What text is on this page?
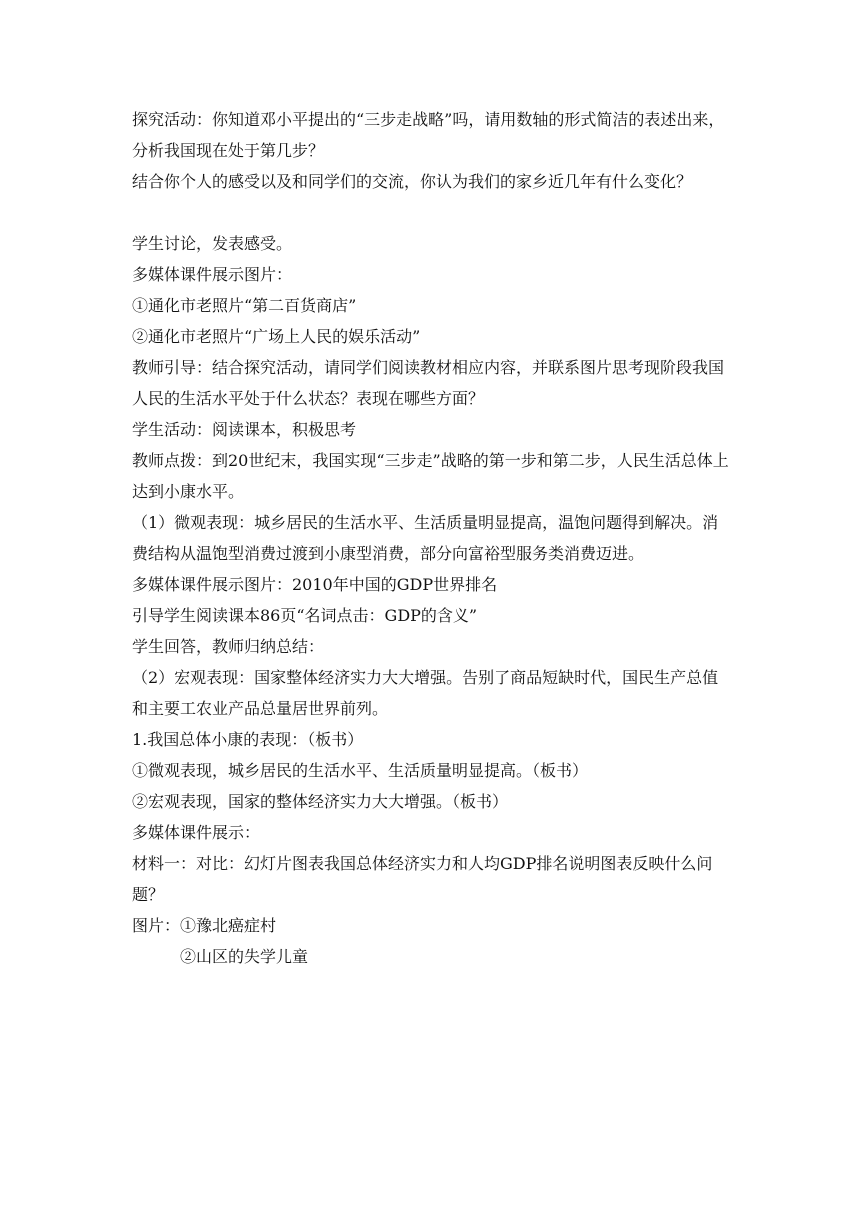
探究活动：你知道邓小平提出的“三步走战略”吗，请用数轴的形式简洁的表述出来，分析我国现在处于第几步？

结合你个人的感受以及和同学们的交流，你认为我们的家乡近几年有什么变化？

学生讨论，发表感受。

多媒体课件展示图片：

①通化市老照片“第二百货商店”

②通化市老照片“广场上人民的娱乐活动”

教师引导：结合探究活动，请同学们阅读教材相应内容，并联系图片思考现阶段我国人民的生活水平处于什么状态？表现在哪些方面？

学生活动：阅读课本，积极思考

教师点拨：到20世纪末，我国实现“三步走”战略的第一步和第二步，人民生活总体上达到小康水平。

（1）微观表现：城乡居民的生活水平、生活质量明显提高，温饱问题得到解决。消费结构从温饱型消费过渡到小康型消费，部分向富裕型服务类消费迈进。

多媒体课件展示图片：2010年中国的GDP世界排名

引导学生阅读课本86页“名词点击：GDP的含义”

学生回答，教师归纳总结：

（2）宏观表现：国家整体经济实力大大增强。告别了商品短缺时代，国民生产总值和主要工农业产品总量居世界前列。

1.我国总体小康的表现：（板书）

①微观表现，城乡居民的生活水平、生活质量明显提高。（板书）

②宏观表现，国家的整体经济实力大大增强。（板书）

多媒体课件展示：

材料一：对比：幻灯片图表我国总体经济实力和人均GDP排名说明图表反映什么问题？

图片：①豫北癌症村

②山区的失学儿童
